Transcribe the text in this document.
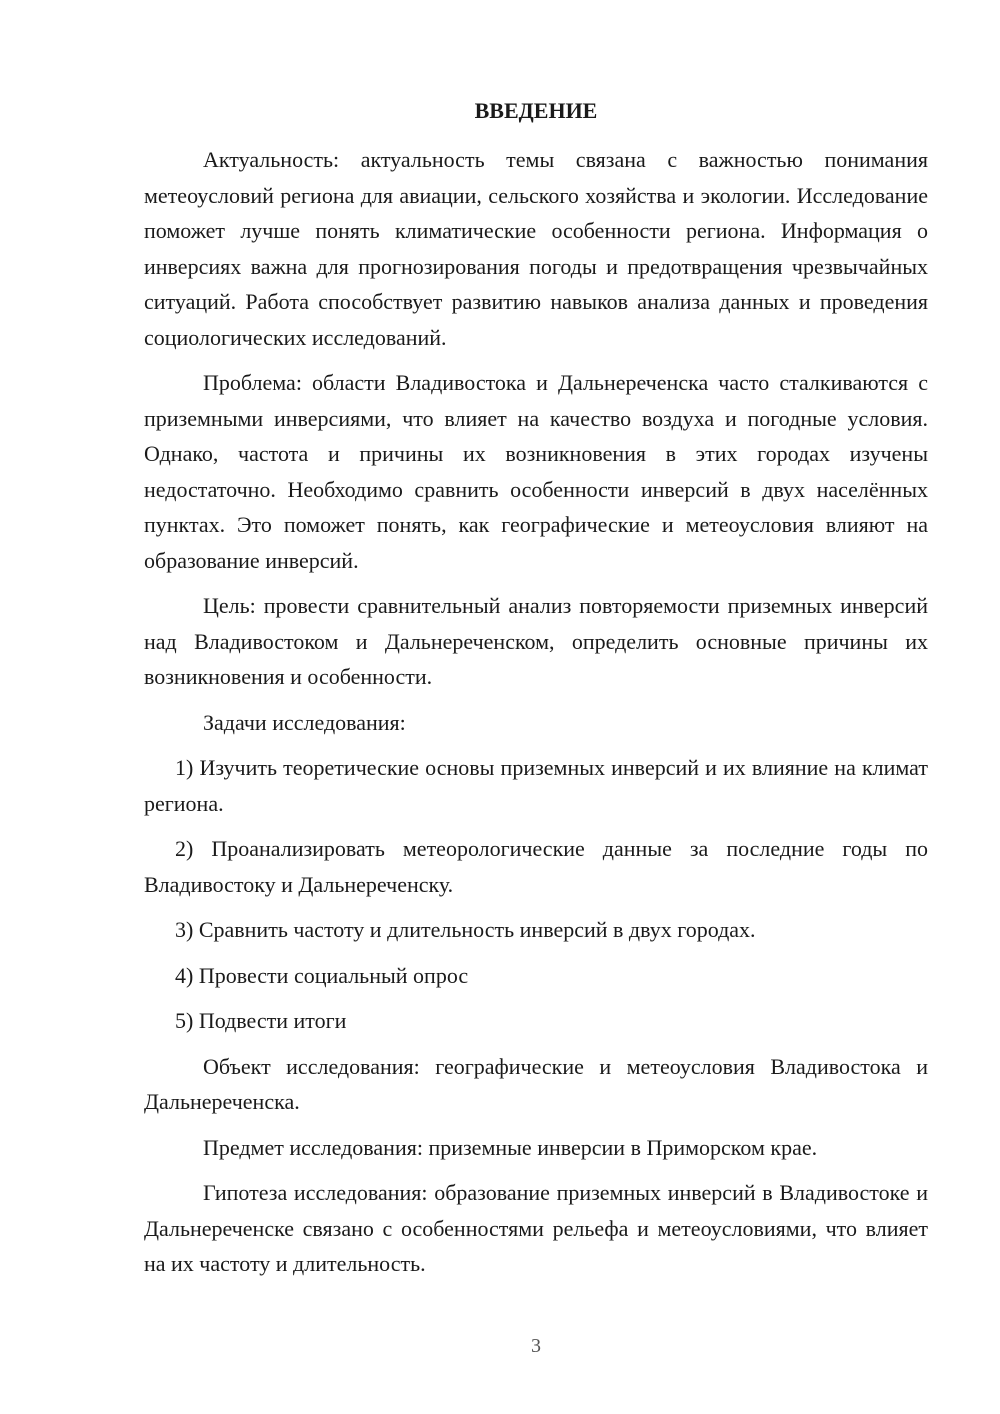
ВВЕДЕНИЕ

Актуальность: актуальность темы связана с важностью понимания метеоусловий региона для авиации, сельского хозяйства и экологии. Исследование поможет лучше понять климатические особенности региона. Информация о инверсиях важна для прогнозирования погоды и предотвращения чрезвычайных ситуаций. Работа способствует развитию навыков анализа данных и проведения социологических исследований.

Проблема: области Владивостока и Дальнереченска часто сталкиваются с приземными инверсиями, что влияет на качество воздуха и погодные условия. Однако, частота и причины их возникновения в этих городах изучены недостаточно. Необходимо сравнить особенности инверсий в двух населённых пунктах. Это поможет понять, как географические и метеоусловия влияют на образование инверсий.

Цель: провести сравнительный анализ повторяемости приземных инверсий над Владивостоком и Дальнереченском, определить основные причины их возникновения и особенности.

Задачи исследования:

1) Изучить теоретические основы приземных инверсий и их влияние на климат региона.

2) Проанализировать метеорологические данные за последние годы по Владивостоку и Дальнереченску.

3) Сравнить частоту и длительность инверсий в двух городах.

4) Провести социальный опрос

5) Подвести итоги

Объект исследования: географические и метеоусловия Владивостока и Дальнереченска.

Предмет исследования: приземные инверсии в Приморском крае.

Гипотеза исследования: образование приземных инверсий в Владивостоке и Дальнереченске связано с особенностями рельефа и метеоусловиями, что влияет на их частоту и длительность.

3
